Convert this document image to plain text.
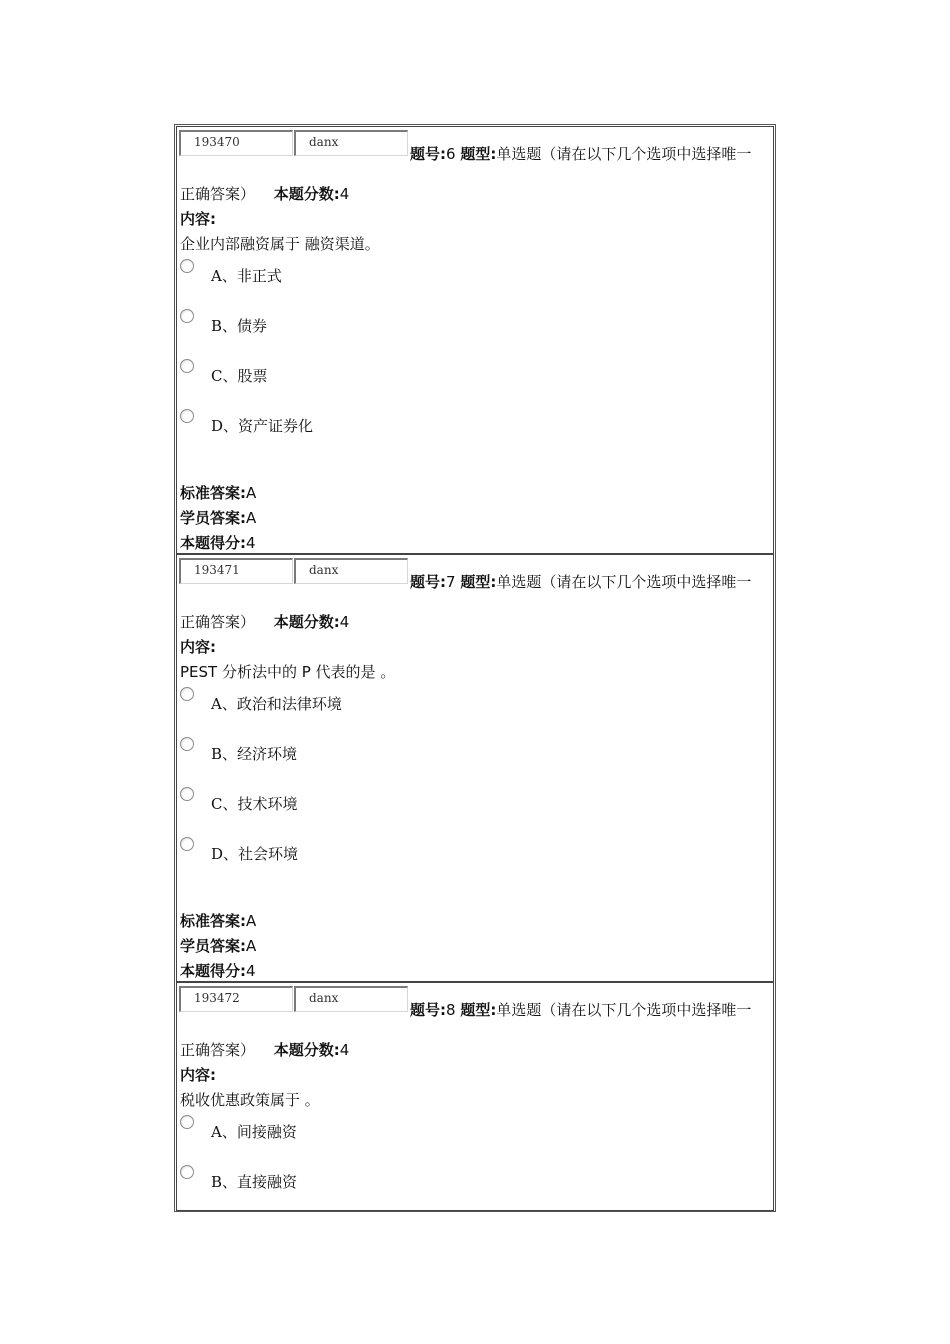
193470	danx
题号:6 题型:单选题（请在以下几个选项中选择唯一
正确答案） 本题分数:4
内容:
企业内部融资属于 融资渠道。
A、非正式
B、债券
C、股票
D、资产证券化
标准答案:A
学员答案:A
本题得分:4
193471	danx
题号:7 题型:单选题（请在以下几个选项中选择唯一
正确答案） 本题分数:4
内容:
PEST 分析法中的 P 代表的是 。
A、政治和法律环境
B、经济环境
C、技术环境
D、社会环境
标准答案:A
学员答案:A
本题得分:4
193472	danx
题号:8 题型:单选题（请在以下几个选项中选择唯一
正确答案） 本题分数:4
内容:
税收优惠政策属于 。
A、间接融资
B、直接融资
